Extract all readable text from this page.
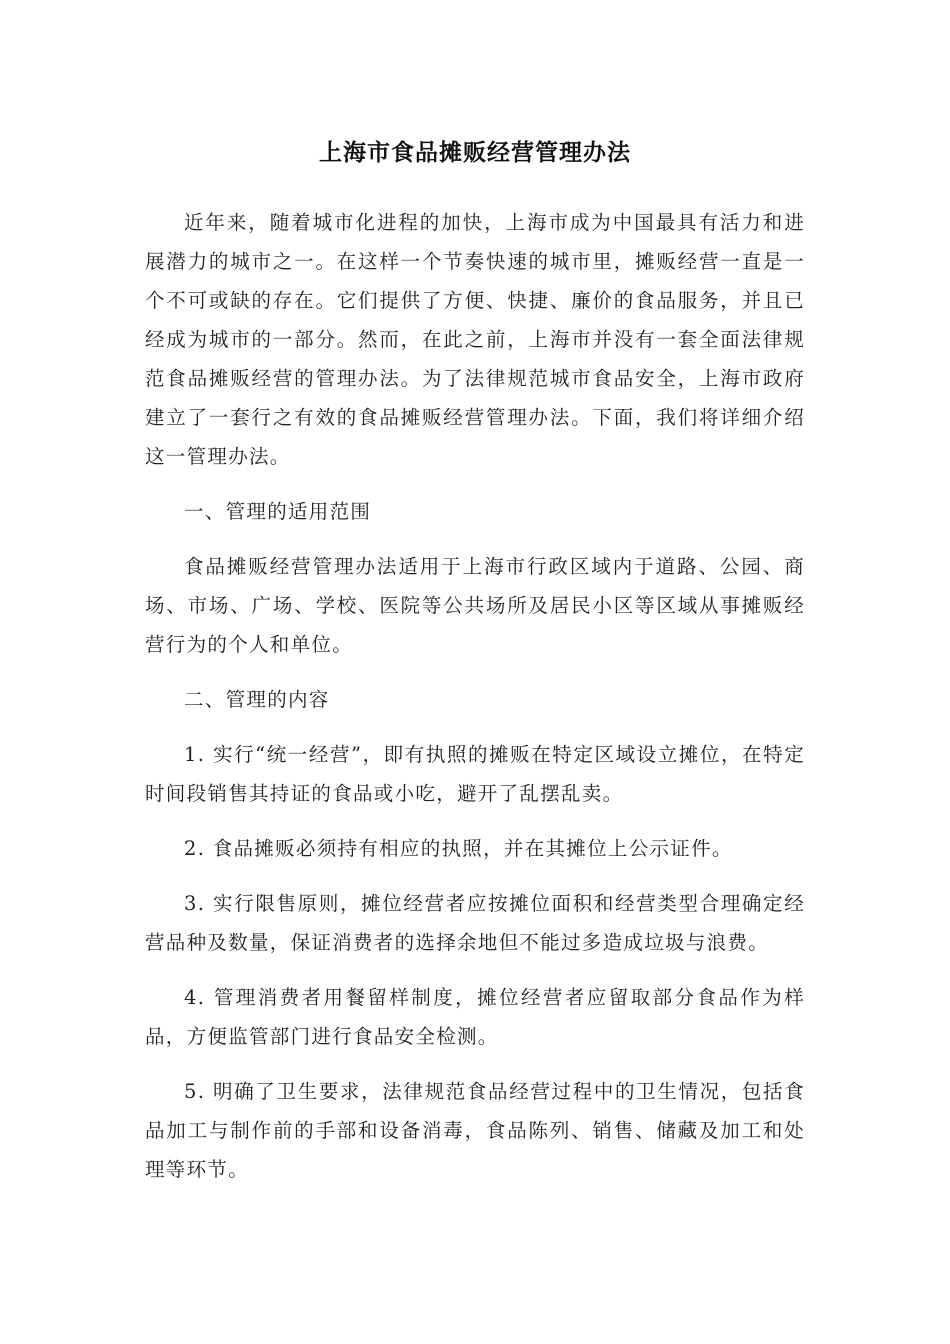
上海市食品摊贩经营管理办法

近年来，随着城市化进程的加快，上海市成为中国最具有活力和进展潜力的城市之一。在这样一个节奏快速的城市里，摊贩经营一直是一个不可或缺的存在。它们提供了方便、快捷、廉价的食品服务，并且已经成为城市的一部分。然而，在此之前，上海市并没有一套全面法律规范食品摊贩经营的管理办法。为了法律规范城市食品安全，上海市政府建立了一套行之有效的食品摊贩经营管理办法。下面，我们将详细介绍这一管理办法。

一、管理的适用范围

食品摊贩经营管理办法适用于上海市行政区域内于道路、公园、商场、市场、广场、学校、医院等公共场所及居民小区等区域从事摊贩经营行为的个人和单位。

二、管理的内容

1. 实行“统一经营”，即有执照的摊贩在特定区域设立摊位，在特定时间段销售其持证的食品或小吃，避开了乱摆乱卖。

2. 食品摊贩必须持有相应的执照，并在其摊位上公示证件。

3. 实行限售原则，摊位经营者应按摊位面积和经营类型合理确定经营品种及数量，保证消费者的选择余地但不能过多造成垃圾与浪费。

4. 管理消费者用餐留样制度，摊位经营者应留取部分食品作为样品，方便监管部门进行食品安全检测。

5. 明确了卫生要求，法律规范食品经营过程中的卫生情况，包括食品加工与制作前的手部和设备消毒，食品陈列、销售、储藏及加工和处理等环节。
